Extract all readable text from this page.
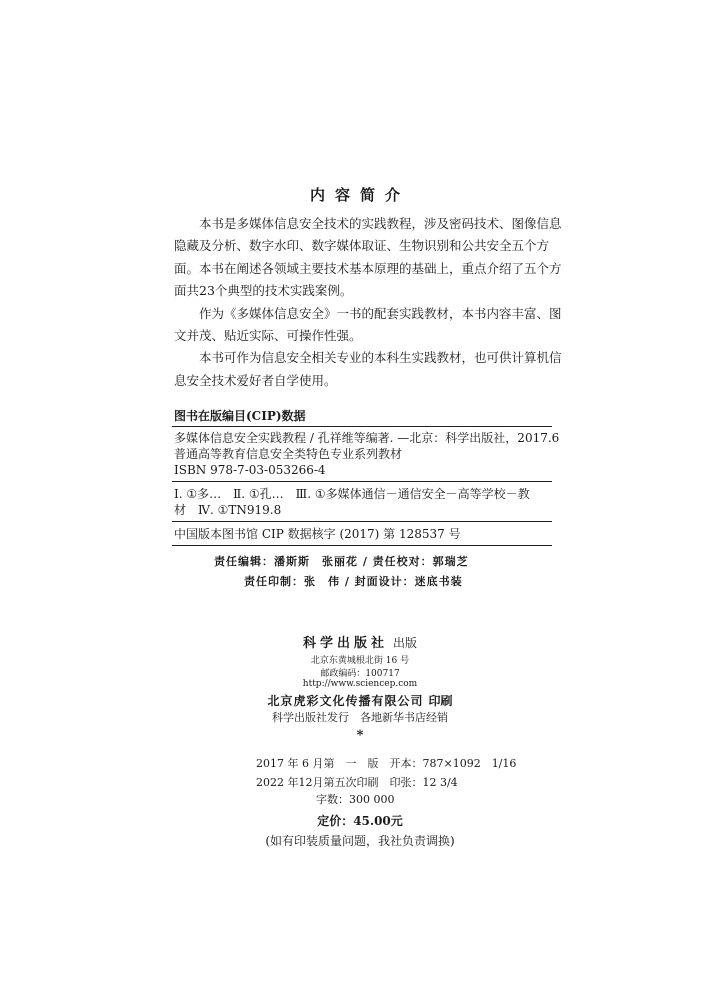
内容简介

本书是多媒体信息安全技术的实践教程，涉及密码技术、图像信息隐藏及分析、数字水印、数字媒体取证、生物识别和公共安全五个方面。本书在阐述各领域主要技术基本原理的基础上，重点介绍了五个方面共23个典型的技术实践案例。

作为《多媒体信息安全》一书的配套实践教材，本书内容丰富、图文并茂、贴近实际、可操作性强。

本书可作为信息安全相关专业的本科生实践教材，也可供计算机信息安全技术爱好者自学使用。

图书在版编目(CIP)数据
多媒体信息安全实践教程 / 孔祥维等编著. —北京：科学出版社，2017.6
普通高等教育信息安全类特色专业系列教材
ISBN 978-7-03-053266-4
Ⅰ. ①多…　Ⅱ. ①孔…　Ⅲ. ①多媒体通信－通信安全－高等学校－教
材　Ⅳ. ①TN919.8
中国版本图书馆 CIP 数据核字 (2017) 第 128537 号
责任编辑：潘斯斯　张丽花 / 责任校对：郭瑞芝
责任印制：张　伟 / 封面设计：迷底书装
科学出版社 出版
北京东黄城根北街 16 号
邮政编码：100717
http://www.sciencep.com
北京虎彩文化传播有限公司 印刷
科学出版社发行　各地新华书店经销
*
2017 年 6 月第　一　版　开本：787×1092　1/16
2022 年12月第五次印刷　印张：12 3/4
字数：300 000
定价：45.00元
(如有印装质量问题，我社负责调换)
